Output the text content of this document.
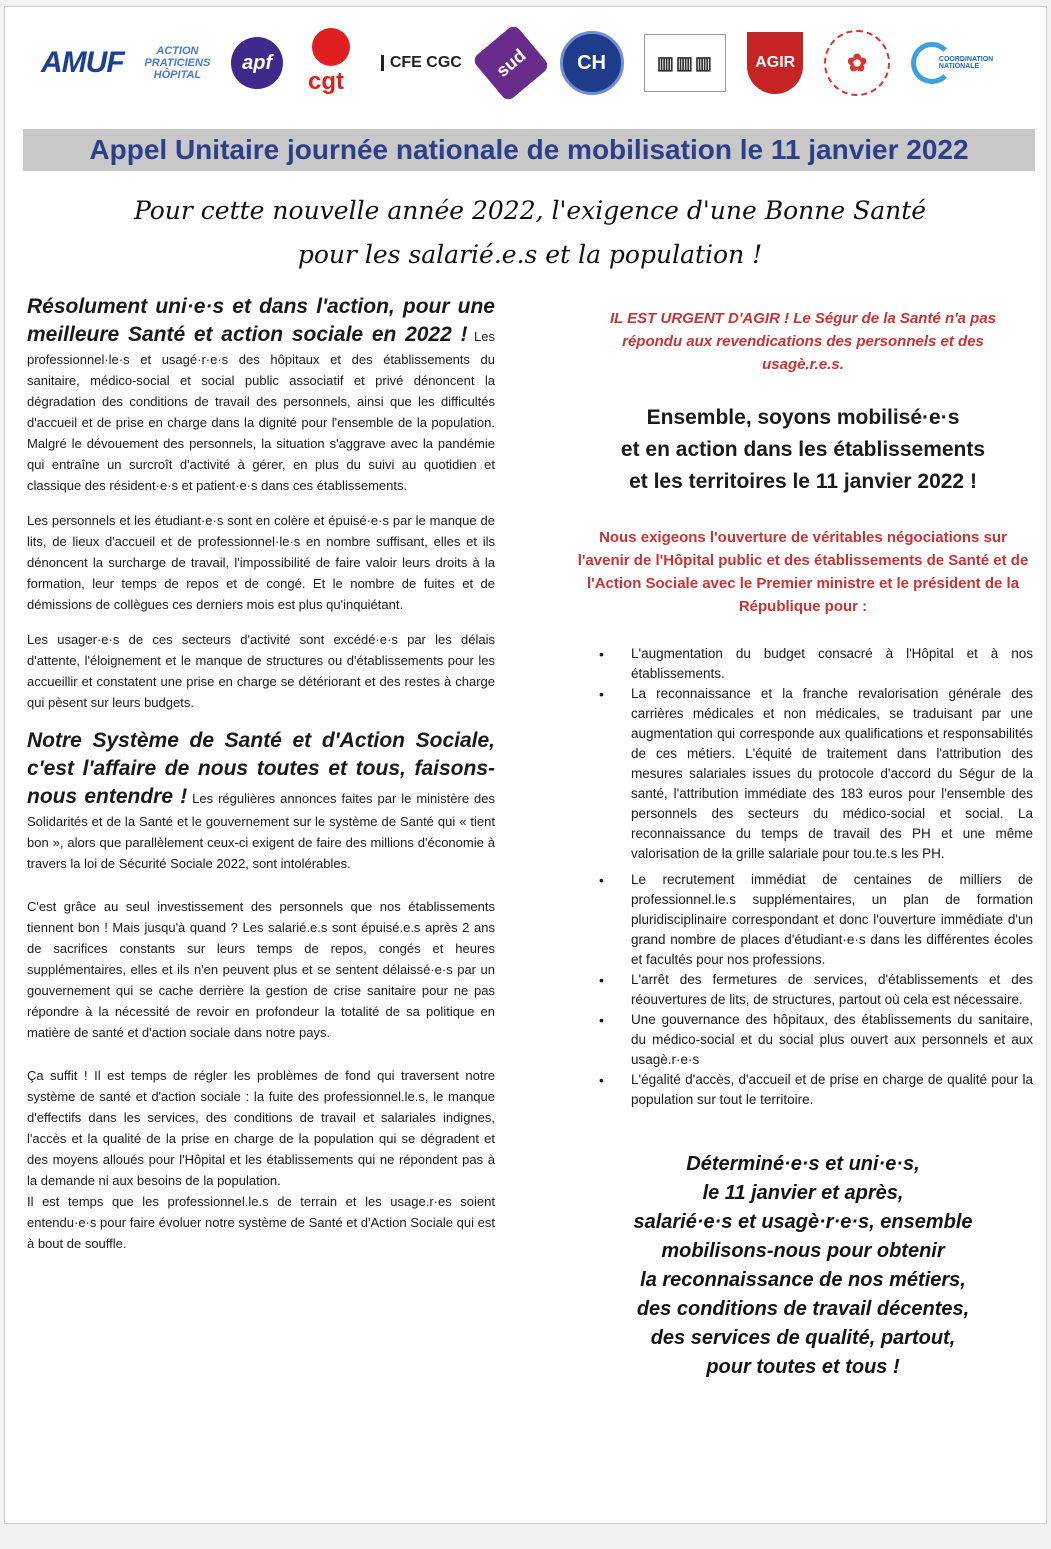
AMUF	ACTION
PRATICIENS
HÔPITAL
apf
cgt
CFE CGC sud CH	▥▥▥	AGIR ✿	COORDINATION NATIONALE
Appel Unitaire journée nationale de mobilisation le 11 janvier 2022
Pour cette nouvelle année 2022, l'exigence d'une Bonne Santé
pour les salarié.e.s et la population !

Résolument uni·e·s et dans l'action, pour une meilleure Santé et action sociale en 2022 ! Les professionnel·le·s et usagé·r·e·s des hôpitaux et des établissements du sanitaire, médico-social et social public associatif et privé dénoncent la dégradation des conditions de travail des personnels, ainsi que les difficultés d'accueil et de prise en charge dans la dignité pour l'ensemble de la population. Malgré le dévouement des personnels, la situation s'aggrave avec la pandémie qui entraîne un surcroît d'activité à gérer, en plus du suivi au quotidien et classique des résident·e·s et patient·e·s dans ces établissements.

Les personnels et les étudiant·e·s sont en colère et épuisé·e·s par le manque de lits, de lieux d'accueil et de professionnel·le·s en nombre suffisant, elles et ils dénoncent la surcharge de travail, l'impossibilité de faire valoir leurs droits à la formation, leur temps de repos et de congé. Et le nombre de fuites et de démissions de collègues ces derniers mois est plus qu'inquiétant.

Les usager·e·s de ces secteurs d'activité sont excédé·e·s par les délais d'attente, l'éloignement et le manque de structures ou d'établissements pour les accueillir et constatent une prise en charge se détériorant et des restes à charge qui pèsent sur leurs budgets.

Notre Système de Santé et d'Action Sociale, c'est l'affaire de nous toutes et tous, faisons-nous entendre ! Les régulières annonces faites par le ministère des Solidarités et de la Santé et le gouvernement sur le système de Santé qui « tient bon », alors que parallèlement ceux-ci exigent de faire des millions d'économie à travers la loi de Sécurité Sociale 2022, sont intolérables.

C'est grâce au seul investissement des personnels que nos établissements tiennent bon ! Mais jusqu'à quand ? Les salarié.e.s sont épuisé.e.s après 2 ans de sacrifices constants sur leurs temps de repos, congés et heures supplémentaires, elles et ils n'en peuvent plus et se sentent délaissé·e·s par un gouvernement qui se cache derrière la gestion de crise sanitaire pour ne pas répondre à la nécessité de revoir en profondeur la totalité de sa politique en matière de santé et d'action sociale dans notre pays.

Ça suffit ! Il est temps de régler les problèmes de fond qui traversent notre système de santé et d'action sociale : la fuite des professionnel.le.s, le manque d'effectifs dans les services, des conditions de travail et salariales indignes, l'accès et la qualité de la prise en charge de la population qui se dégradent et des moyens alloués pour l'Hôpital et les établissements qui ne répondent pas à la demande ni aux besoins de la population.
Il est temps que les professionnel.le.s de terrain et les usage.r·es soient entendu·e·s pour faire évoluer notre système de Santé et d'Action Sociale qui est à bout de souffle.

IL EST URGENT D'AGIR ! Le Ségur de la Santé n'a pas répondu aux revendications des personnels et des usagè.r.e.s.
Ensemble, soyons mobilisé·e·s
et en action dans les établissements
et les territoires le 11 janvier 2022 !
Nous exigeons l'ouverture de véritables négociations sur l'avenir de l'Hôpital public et des établissements de Santé et de l'Action Sociale avec le Premier ministre et le président de la République pour :
• L'augmentation du budget consacré à l'Hôpital et à nos établissements.
• La reconnaissance et la franche revalorisation générale des carrières médicales et non médicales, se traduisant par une augmentation qui corresponde aux qualifications et responsabilités de ces métiers. L'équité de traitement dans l'attribution des mesures salariales issues du protocole d'accord du Ségur de la santé, l'attribution immédiate des 183 euros pour l'ensemble des personnels des secteurs du médico-social et social. La reconnaissance du temps de travail des PH et une même valorisation de la grille salariale pour tou.te.s les PH.
• Le recrutement immédiat de centaines de milliers de professionnel.le.s supplémentaires, un plan de formation pluridisciplinaire correspondant et donc l'ouverture immédiate d'un grand nombre de places d'étudiant·e·s dans les différentes écoles et facultés pour nos professions.
• L'arrêt des fermetures de services, d'établissements et des réouvertures de lits, de structures, partout où cela est nécessaire.
• Une gouvernance des hôpitaux, des établissements du sanitaire, du médico-social et du social plus ouvert aux personnels et aux usagè.r·e·s
• L'égalité d'accès, d'accueil et de prise en charge de qualité pour la population sur tout le territoire.
Déterminé·e·s et uni·e·s,
le 11 janvier et après,
salarié·e·s et usagè·r·e·s, ensemble
mobilisons-nous pour obtenir
la reconnaissance de nos métiers,
des conditions de travail décentes,
des services de qualité, partout,
pour toutes et tous !
